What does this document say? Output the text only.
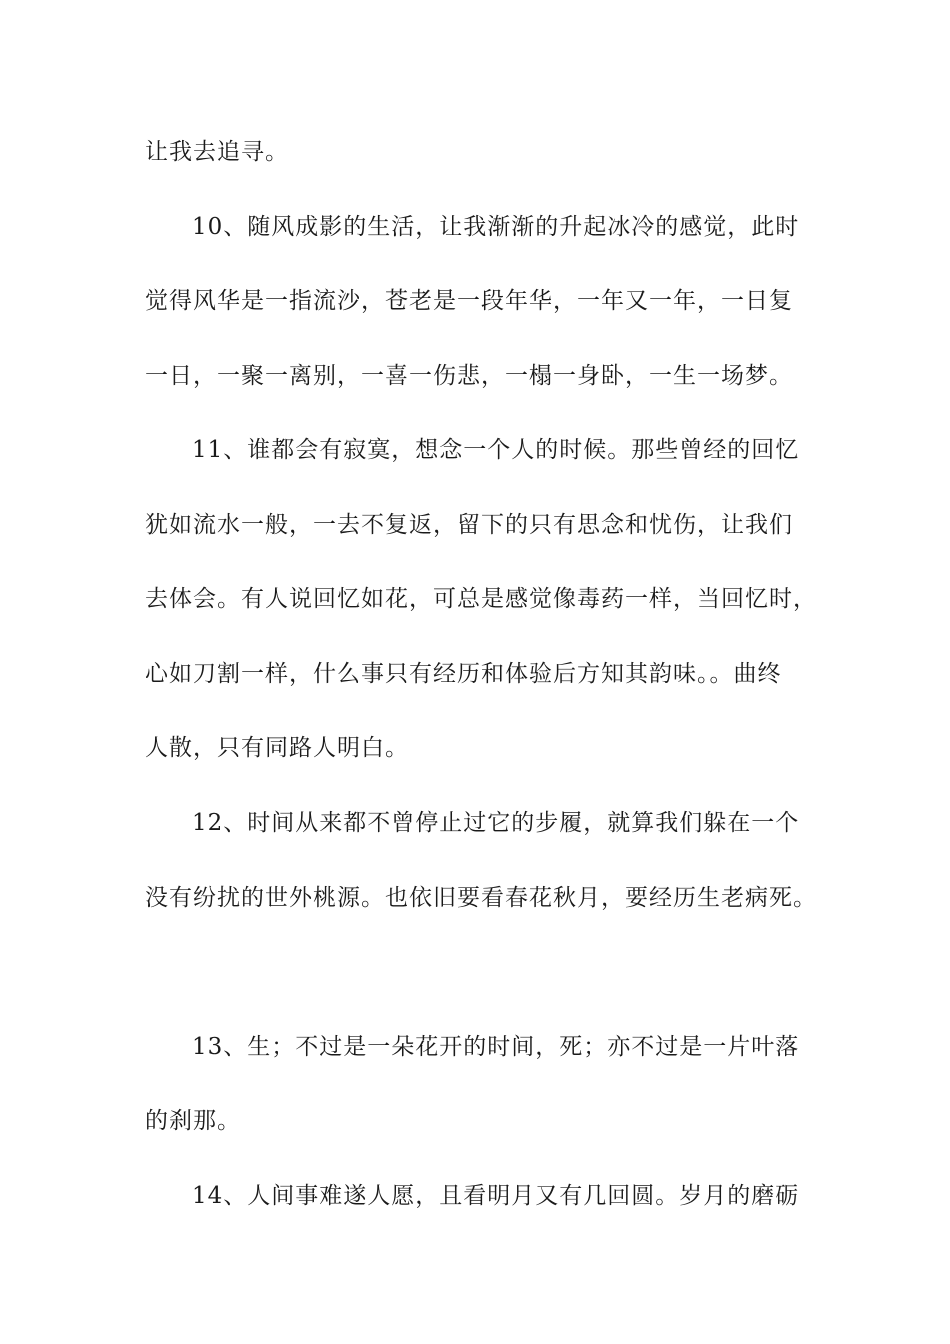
让我去追寻。
10、随风成影的生活，让我渐渐的升起冰冷的感觉，此时
觉得风华是一指流沙，苍老是一段年华，一年又一年，一日复
一日，一聚一离别，一喜一伤悲，一榻一身卧，一生一场梦。
11、谁都会有寂寞，想念一个人的时候。那些曾经的回忆
犹如流水一般，一去不复返，留下的只有思念和忧伤，让我们
去体会。有人说回忆如花，可总是感觉像毒药一样，当回忆时，
心如刀割一样，什么事只有经历和体验后方知其韵味。。曲终
人散，只有同路人明白。
12、时间从来都不曾停止过它的步履，就算我们躲在一个
没有纷扰的世外桃源。也依旧要看春花秋月，要经历生老病死。
13、生；不过是一朵花开的时间，死；亦不过是一片叶落
的刹那。
14、人间事难遂人愿，且看明月又有几回圆。岁月的磨砺
